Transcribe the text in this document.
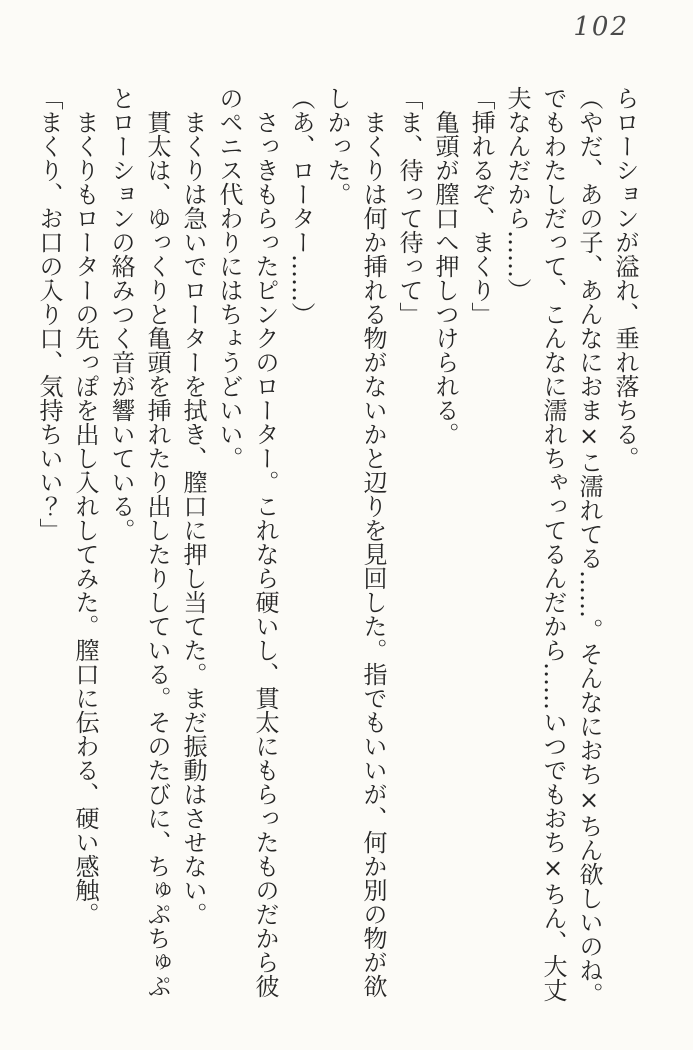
102

らローションが溢れ、垂れ落ちる。

（やだ、あの子、あんなにおま×こ濡れてる……。そんなにおち×ちん欲しいのね。

でもわたしだって、こんなに濡れちゃってるんだから……いつでもおち×ちん、大丈

夫なんだから……）

「挿れるぞ、まくり」

　亀頭が膣口へ押しつけられる。

「ま、待って待って」

　まくりは何か挿れる物がないかと辺りを見回した。指でもいいが、何か別の物が欲

しかった。

（あ、ローター……）

　さっきもらったピンクのローター。これなら硬いし、貫太にもらったものだから彼

のペニス代わりにはちょうどいい。

　まくりは急いでローターを拭き、膣口に押し当てた。まだ振動はさせない。

　貫太は、ゆっくりと亀頭を挿れたり出したりしている。そのたびに、ちゅぷちゅぷ

とローションの絡みつく音が響いている。

　まくりもローターの先っぽを出し入れしてみた。膣口に伝わる、硬い感触。

「まくり、お口の入り口、気持ちいい？」
